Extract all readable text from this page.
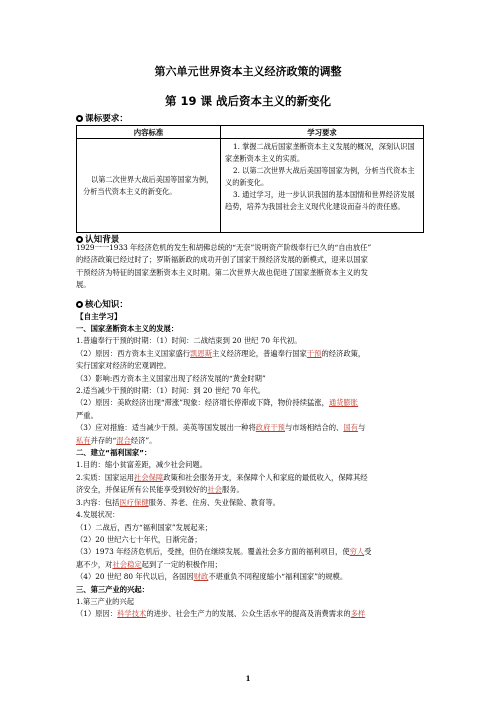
第六单元世界资本主义经济政策的调整
第 19 课 战后资本主义的新变化
课标要求：
内容标准	学习要求
以第二次世界大战后美国等国家为例，分析当代资本主义的新变化。	1. 掌握二战后国家垄断资本主义发展的概况，深刻认识国家垄断资本主义的实质。

2. 以第二次世界大战后美国等国家为例，分析当代资本主义的新变化。

3. 通过学习，进一步认识我国的基本国情和世界经济发展趋势，培养为我国社会主义现代化建设而奋斗的责任感。

认知背景
1929一一1933 年经济危机的发生和胡佛总统的“无奈”说明资产阶级奉行已久的“自由放任”
的经济政策已经过时了；罗斯福新政的成功开创了国家干预经济发展的新模式，迎来以国家
干预经济为特征的国家垄断资本主义时期。第二次世界大战也促进了国家垄断资本主义的发
展。
核心知识：
【自主学习】
一、国家垄断资本主义的发展：
1.普遍奉行干预的时期：（1）时间：二战结束到 20 世纪 70 年代初。
（2）原因：西方资本主义国家盛行凯恩斯主义经济理论，普遍奉行国家干预的经济政策，
实行国家对经济的宏观调控。
（3）影响:西方资本主义国家出现了经济发展的“黄金时期”
2.适当减少干预的时期：（1）时间：到 20 世纪 70 年代。
（2）原因：美欧经济出现“滞涨”现象：经济增长停滞或下降，物价持续猛涨，通货膨胀
严重。
（3）应对措施：适当减少干预。美英等国发展出一种将政府干预与市场相结合的、国有与
私有并存的“混合经济”。
二、建立“福利国家”：
1.目的：缩小贫富差距，减少社会问题。
2.实质：国家运用社会保障政策和社会服务开支，来保障个人和家庭的最低收入，保障其经
济安全，并保证所有公民能享受到较好的社会服务。
3.内容：包括医疗保健服务、养老、住房、失业保险、教育等。
4.发展状况：
（1）二战后，西方“福利国家”发展起来；
（2）20 世纪六七十年代，日渐完备；
（3）1973 年经济危机后，受挫，但仍在继续发展。覆盖社会多方面的福利项目，使穷人受
惠不少，对社会稳定起到了一定的积极作用；
（4）20 世纪 80 年代以后，各国因财政不堪重负不同程度缩小“福利国家”的规模。
三、第三产业的兴起：
1.第三产业的兴起
（1）原因：科学技术的进步、社会生产力的发展、公众生活水平的提高及消费需求的多样
1
